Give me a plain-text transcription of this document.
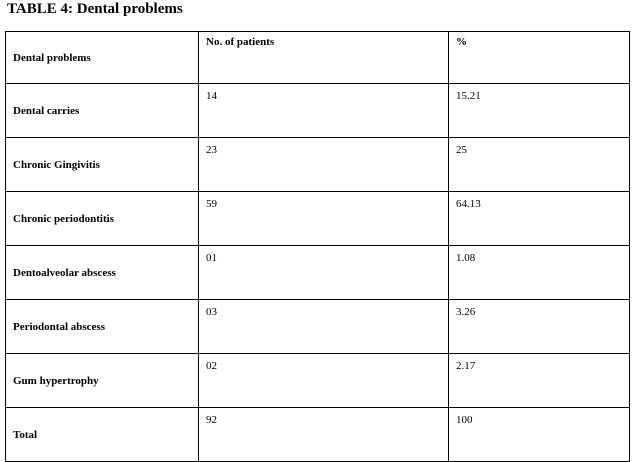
TABLE 4: Dental problems
Dental problems	No. of patients	%
Dental carries	14	15.21
Chronic Gingivitis	23	25
Chronic periodontitis	59	64.13
Dentoalveolar abscess	01	1.08
Periodontal abscess	03	3.26
Gum hypertrophy	02	2.17
Total	92	100
